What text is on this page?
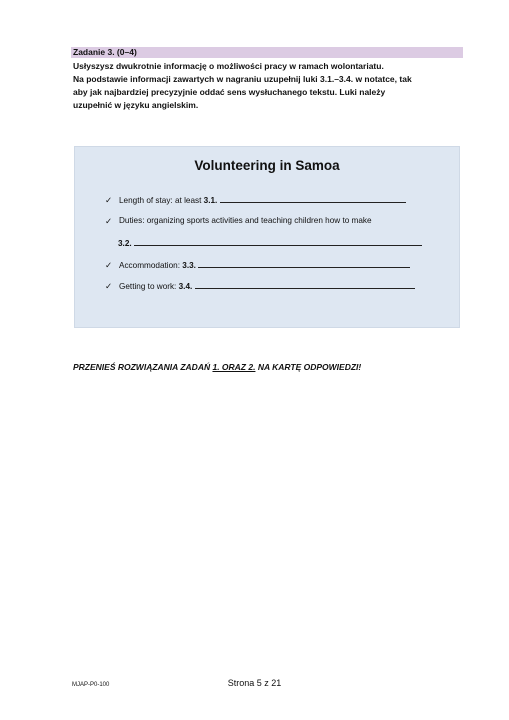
Zadanie 3. (0–4)
Usłyszysz dwukrotnie informację o możliwości pracy w ramach wolontariatu.
Na podstawie informacji zawartych w nagraniu uzupełnij luki 3.1.–3.4. w notatce, tak
aby jak najbardziej precyzyjnie oddać sens wysłuchanego tekstu. Luki należy
uzupełnić w języku angielskim.
Volunteering in Samoa
✓ Length of stay: at least 3.1.
✓ Duties: organizing sports activities and teaching children how to make
3.2.
✓ Accommodation: 3.3.
✓ Getting to work: 3.4.
PRZENIEŚ ROZWIĄZANIA ZADAŃ 1. ORAZ 2. NA KARTĘ ODPOWIEDZI!
MJAP-P0-100	Strona 5 z 21
